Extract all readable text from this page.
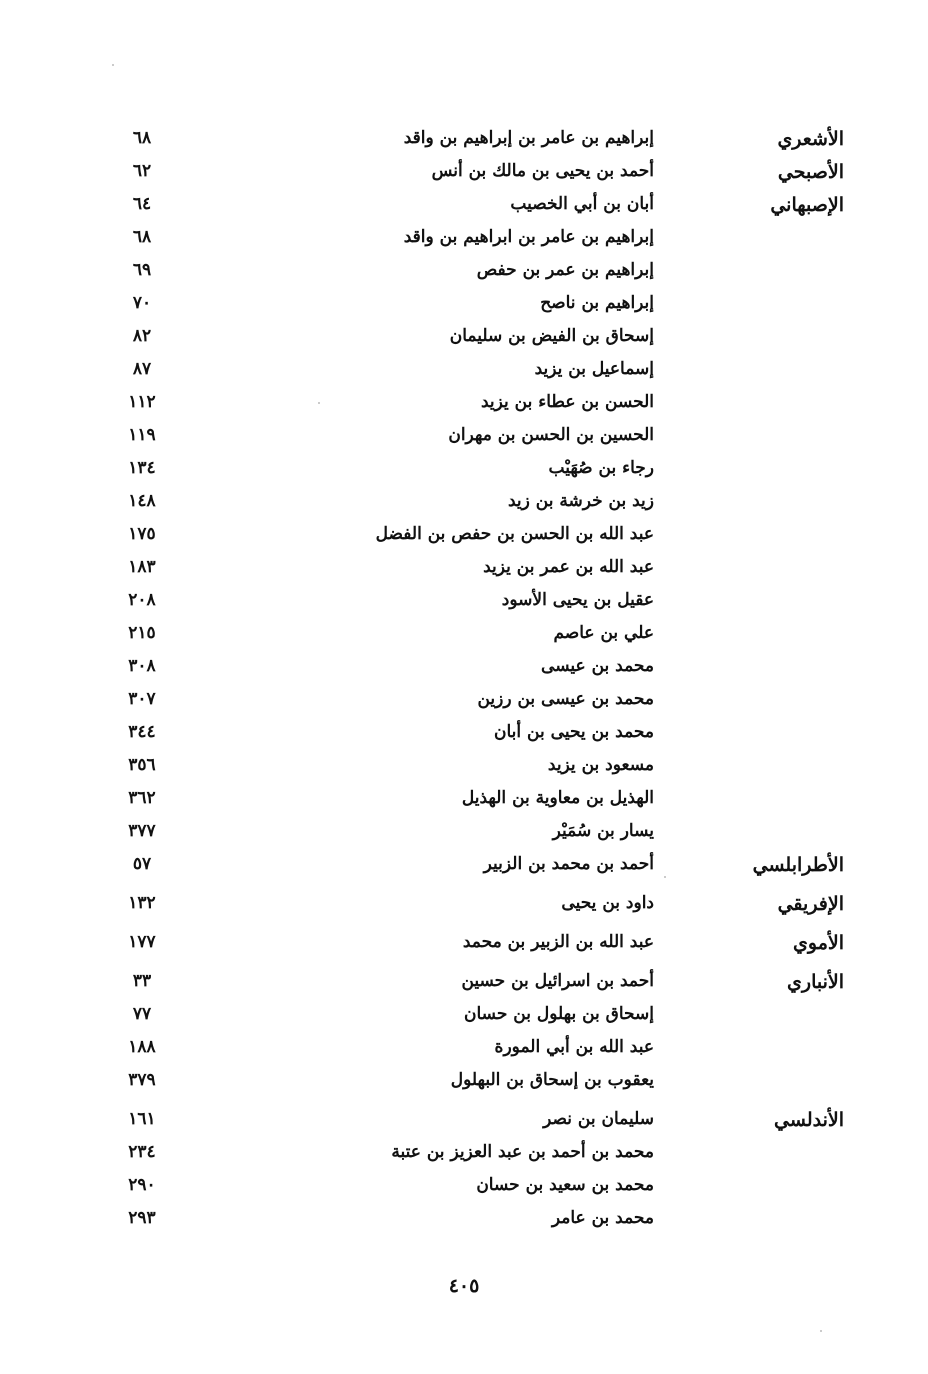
الأشعري
إبراهيم بن عامر بن إبراهيم بن واقد
٦٨
الأصبحي
أحمد بن يحيى بن مالك بن أنس
٦٢
الإصبهاني
أبان بن أبي الخصيب
٦٤
إبراهيم بن عامر بن ابراهيم بن واقد
٦٨
إبراهيم بن عمر بن حفص
٦٩
إبراهيم بن ناصح
٧٠
إسحاق بن الفيض بن سليمان
٨٢
إسماعيل بن يزيد
٨٧
الحسن بن عطاء بن يزيد
١١٢
الحسين بن الحسن بن مهران
١١٩
رجاء بن صُهَيْب
١٣٤
زيد بن خرشة بن زيد
١٤٨
عبد الله بن الحسن بن حفص بن الفضل
١٧٥
عبد الله بن عمر بن يزيد
١٨٣
عقيل بن يحيى الأسود
٢٠٨
علي بن عاصم
٢١٥
محمد بن عيسى
٣٠٨
محمد بن عيسى بن رزين
٣٠٧
محمد بن يحيى بن أبان
٣٤٤
مسعود بن يزيد
٣٥٦
الهذيل بن معاوية بن الهذيل
٣٦٢
يسار بن سُمَيْر
٣٧٧
الأطرابلسي
أحمد بن محمد بن الزبير
٥٧
الإفريقي
داود بن يحيى
١٣٢
الأموي
عبد الله بن الزبير بن محمد
١٧٧
الأنباري
أحمد بن اسرائيل بن حسين
٣٣
إسحاق بن بهلول بن حسان
٧٧
عبد الله بن أبي المورة
١٨٨
يعقوب بن إسحاق بن البهلول
٣٧٩
الأندلسي
سليمان بن نصر
١٦١
محمد بن أحمد بن عبد العزيز بن عتبة
٢٣٤
محمد بن سعيد بن حسان
٢٩٠
محمد بن عامر
٢٩٣
٤٠٥
